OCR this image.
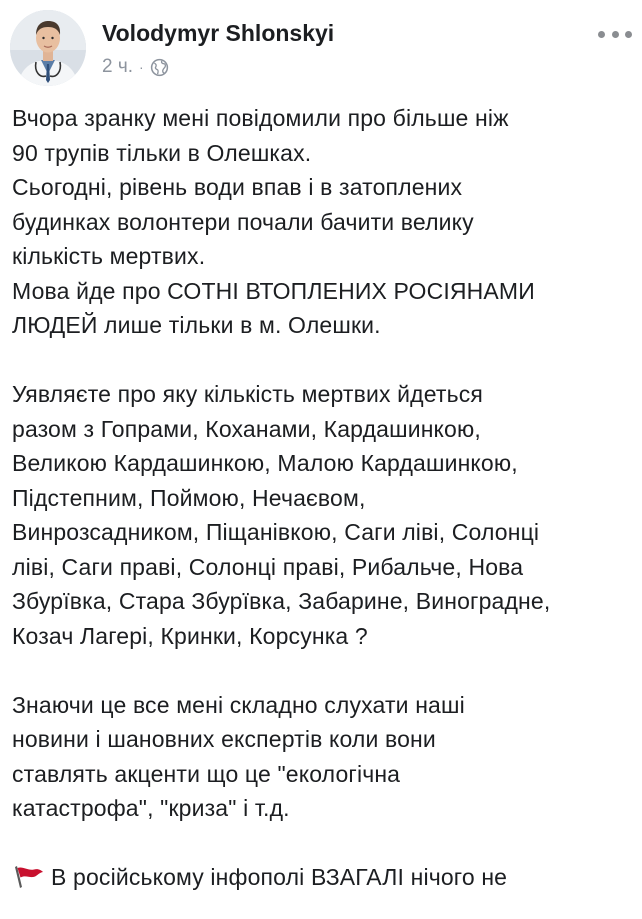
Volodymyr Shlonskyi
2 ч. ·

Вчора зранку мені повідомили про більше ніж
90 трупів тільки в Олешках.
Сьогодні, рівень води впав і в затоплених
будинках волонтери почали бачити велику
кількість мертвих.
Мова йде про СОТНІ ВТОПЛЕНИХ РОСІЯНАМИ
ЛЮДЕЙ лише тільки в м. Олешки.

Уявляєте про яку кількість мертвих йдеться
разом з Гопрами, Коханами, Кардашинкою,
Великою Кардашинкою, Малою Кардашинкою,
Підстепним, Поймою, Нечаєвом,
Винрозсадником, Піщанівкою, Саги ліві, Солонці
ліві, Саги праві, Солонці праві, Рибальче, Нова
Збурївка, Стара Збурївка, Забарине, Виноградне,
Козач Лагері, Кринки, Корсунка ?

Знаючи це все мені складно слухати наші
новини і шановних експертів коли вони
ставлять акценти що це "екологічна
катастрофа", "криза" і т.д.

В російському інфополі ВЗАГАЛІ нічого не
